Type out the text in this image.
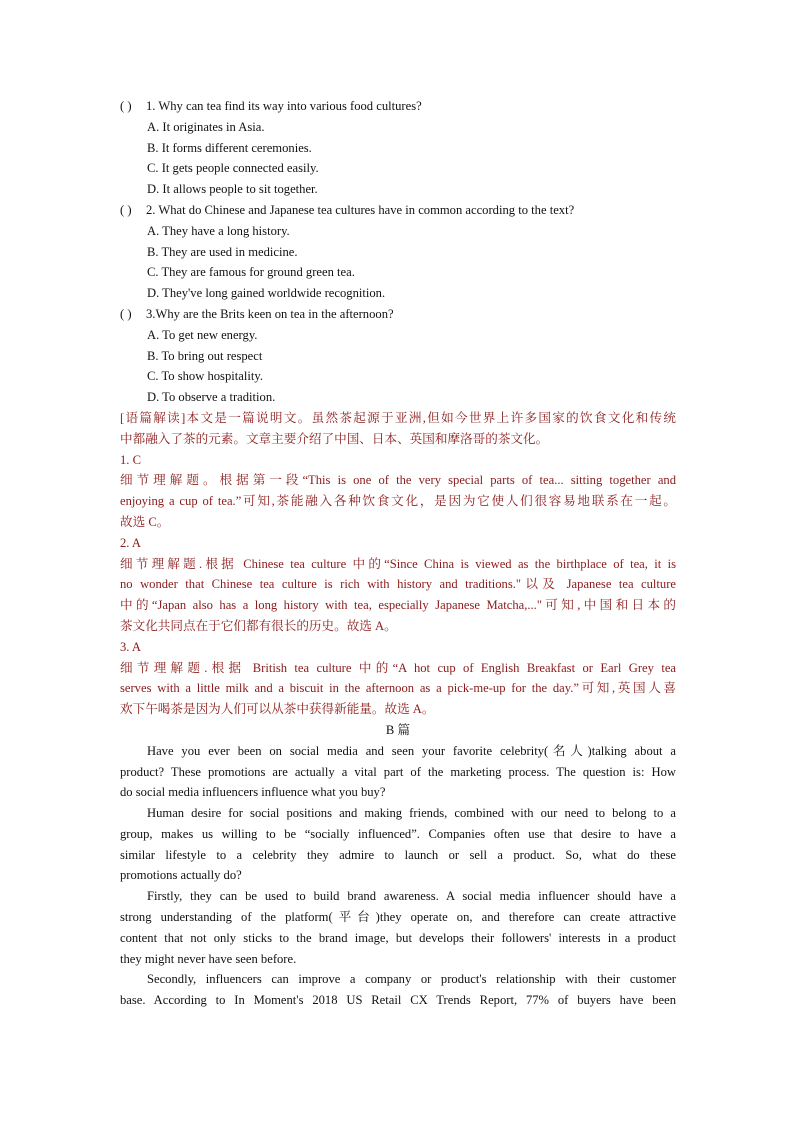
( ) 1. Why can tea find its way into various food cultures?
A. It originates in Asia.
B. It forms different ceremonies.
C. It gets people connected easily.
D. It allows people to sit together.
( ) 2. What do Chinese and Japanese tea cultures have in common according to the text?
A. They have a long history.
B. They are used in medicine.
C. They are famous for ground green tea.
D. They've long gained worldwide recognition.
( ) 3.Why are the Brits keen on tea in the afternoon?
A. To get new energy.
B. To bring out respect
C. To show hospitality.
D. To observe a tradition.
[语篇解读]本文是一篇说明文。虽然茶起源于亚洲,但如今世界上许多国家的饮食文化和传统
中都融入了茶的元素。文章主要介绍了中国、日本、英国和摩洛哥的茶文化。
1. C
细节理解题。根据第一段“This is one of the very special parts of tea... sitting together and
enjoying a cup of tea.”可知,茶能融入各种饮食文化，是因为它使人们很容易地联系在一起。
故选 C。
2. A
细节理解题.根据 Chinese tea culture 中的“Since China is viewed as the birthplace of tea, it is
no wonder that Chinese tea culture is rich with history and traditions."以及 Japanese tea culture
中的“Japan also has a long history with tea, especially Japanese Matcha,..."可知,中国和日本的
茶文化共同点在于它们都有很长的历史。故选 A。
3. A
细节理解题.根据 British tea culture 中的“A hot cup of English Breakfast or Earl Grey tea
serves with a little milk and a biscuit in the afternoon as a pick-me-up for the day.”可知,英国人喜
欢下午喝茶是因为人们可以从茶中获得新能量。故选 A。
B 篇
Have you ever been on social media and seen your favorite celebrity(名人)talking about a
product? These promotions are actually a vital part of the marketing process. The question is: How
do social media influencers influence what you buy?
Human desire for social positions and making friends, combined with our need to belong to a
group, makes us willing to be “socially influenced”. Companies often use that desire to have a
similar lifestyle to a celebrity they admire to launch or sell a product. So, what do these
promotions actually do?
Firstly, they can be used to build brand awareness. A social media influencer should have a
strong understanding of the platform(平台)they operate on, and therefore can create attractive
content that not only sticks to the brand image, but develops their followers' interests in a product
they might never have seen before.
Secondly, influencers can improve a company or product's relationship with their customer
base. According to In Moment's 2018 US Retail CX Trends Report, 77% of buyers have been
